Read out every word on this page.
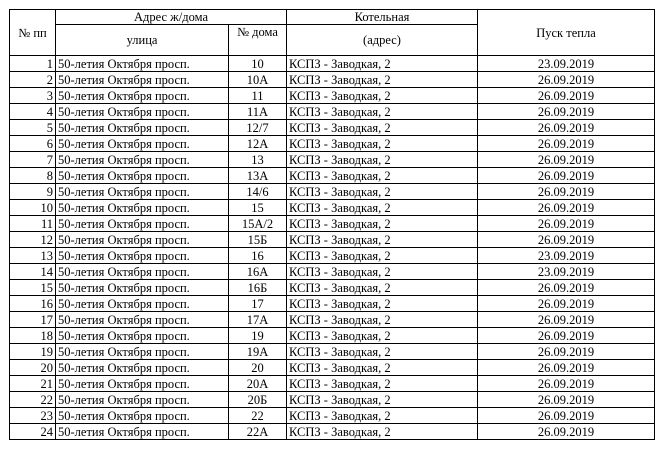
№ пп	Адрес ж/дома		Котельная	Пуск тепла
	улица	№ дома	(адрес)	
1	50-летия Октября просп.	10	КСПЗ - Заводкая, 2	23.09.2019
2	50-летия Октября просп.	10А	КСПЗ - Заводкая, 2	26.09.2019
3	50-летия Октября просп.	11	КСПЗ - Заводкая, 2	26.09.2019
4	50-летия Октября просп.	11А	КСПЗ - Заводкая, 2	26.09.2019
5	50-летия Октября просп.	12/7	КСПЗ - Заводкая, 2	26.09.2019
6	50-летия Октября просп.	12А	КСПЗ - Заводкая, 2	26.09.2019
7	50-летия Октября просп.	13	КСПЗ - Заводкая, 2	26.09.2019
8	50-летия Октября просп.	13А	КСПЗ - Заводкая, 2	26.09.2019
9	50-летия Октября просп.	14/6	КСПЗ - Заводкая, 2	26.09.2019
10	50-летия Октября просп.	15	КСПЗ - Заводкая, 2	26.09.2019
11	50-летия Октября просп.	15А/2	КСПЗ - Заводкая, 2	26.09.2019
12	50-летия Октября просп.	15Б	КСПЗ - Заводкая, 2	26.09.2019
13	50-летия Октября просп.	16	КСПЗ - Заводкая, 2	23.09.2019
14	50-летия Октября просп.	16А	КСПЗ - Заводкая, 2	23.09.2019
15	50-летия Октября просп.	16Б	КСПЗ - Заводкая, 2	26.09.2019
16	50-летия Октября просп.	17	КСПЗ - Заводкая, 2	26.09.2019
17	50-летия Октября просп.	17А	КСПЗ - Заводкая, 2	26.09.2019
18	50-летия Октября просп.	19	КСПЗ - Заводкая, 2	26.09.2019
19	50-летия Октября просп.	19А	КСПЗ - Заводкая, 2	26.09.2019
20	50-летия Октября просп.	20	КСПЗ - Заводкая, 2	26.09.2019
21	50-летия Октября просп.	20А	КСПЗ - Заводкая, 2	26.09.2019
22	50-летия Октября просп.	20Б	КСПЗ - Заводкая, 2	26.09.2019
23	50-летия Октября просп.	22	КСПЗ - Заводкая, 2	26.09.2019
24	50-летия Октября просп.	22А	КСПЗ - Заводкая, 2	26.09.2019
